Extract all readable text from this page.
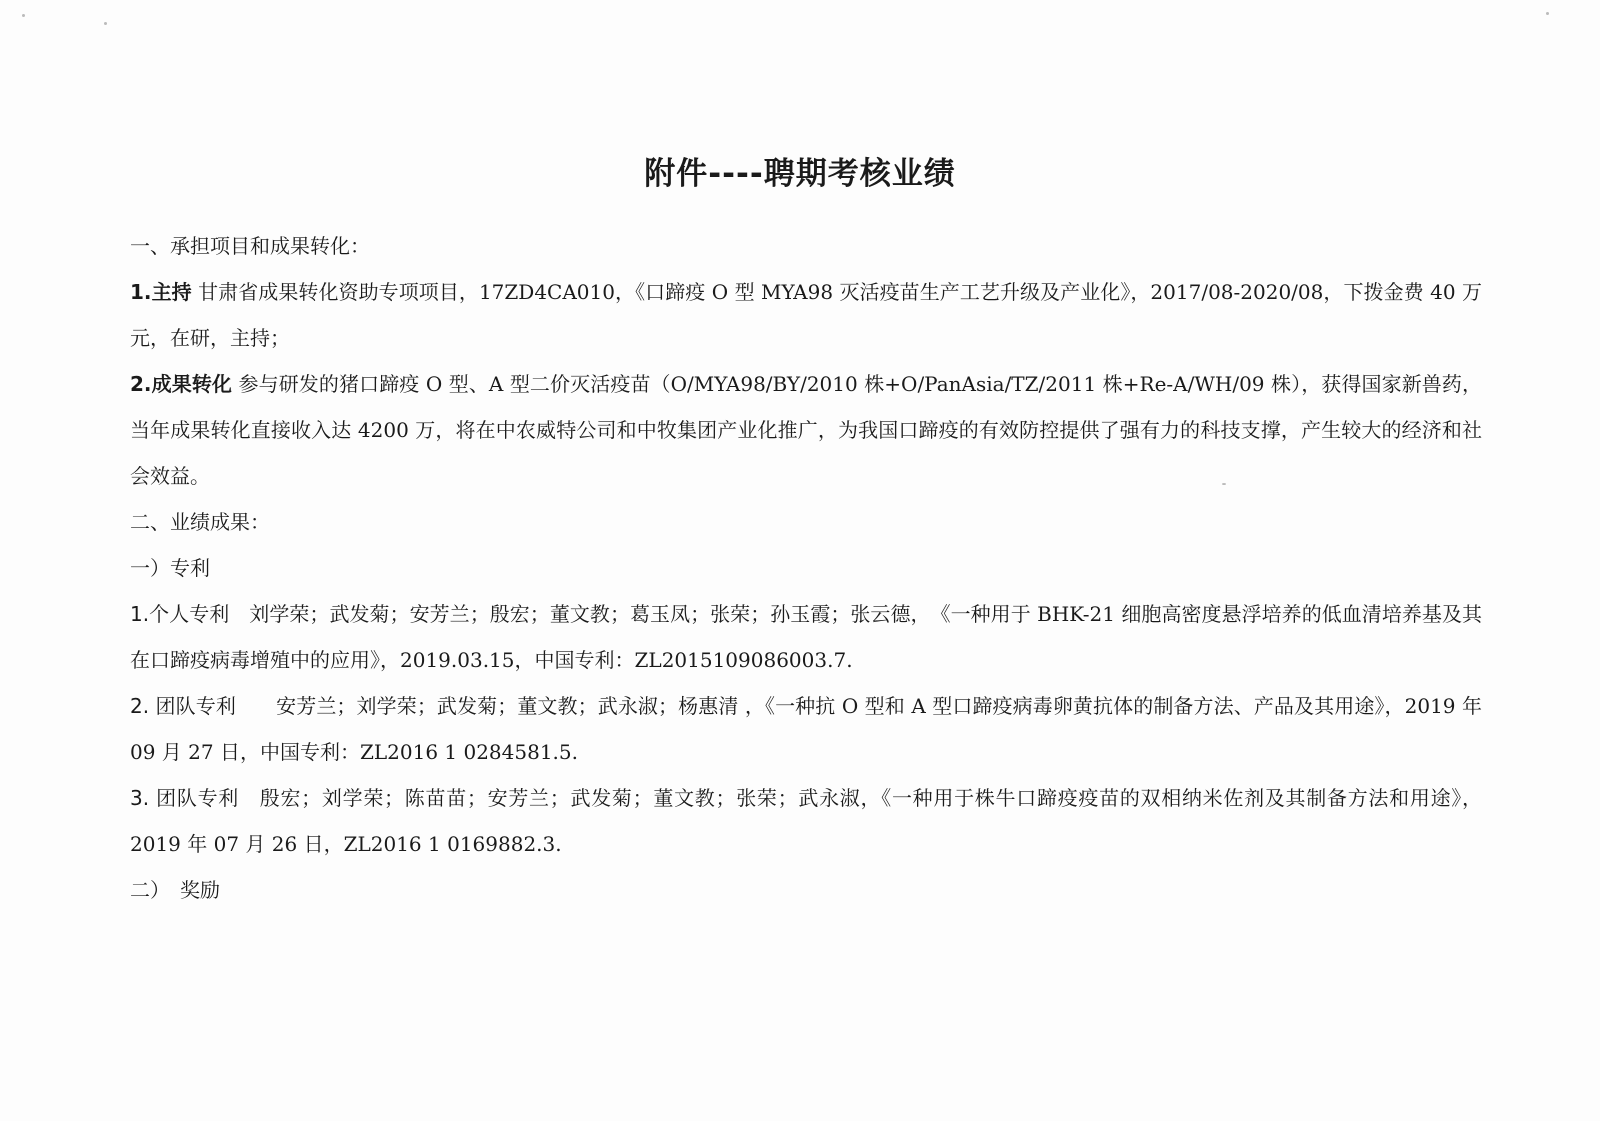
附件----聘期考核业绩

一、承担项目和成果转化：

1.主持 甘肃省成果转化资助专项项目，17ZD4CA010，《口蹄疫 O 型 MYA98 灭活疫苗生产工艺升级及产业化》，2017/08-2020/08，下拨金费 40 万元，在研，主持；

2.成果转化 参与研发的猪口蹄疫 O 型、A 型二价灭活疫苗（O/MYA98/BY/2010 株+O/PanAsia/TZ/2011 株+Re-A/WH/09 株），获得国家新兽药，当年成果转化直接收入达 4200 万，将在中农威特公司和中牧集团产业化推广，为我国口蹄疫的有效防控提供了强有力的科技支撑，产生较大的经济和社会效益。

二、业绩成果：

一）专利

1.个人专利　刘学荣；武发菊；安芳兰；殷宏；董文教；葛玉凤；张荣；孙玉霞；张云德，　《一种用于 BHK-21 细胞高密度悬浮培养的低血清培养基及其在口蹄疫病毒增殖中的应用》，2019.03.15，中国专利：ZL2015109086003.7.

2. 团队专利　　安芳兰；刘学荣；武发菊；董文教；武永淑；杨惠清 ，《一种抗 O 型和 A 型口蹄疫病毒卵黄抗体的制备方法、产品及其用途》，2019 年 09 月 27 日，中国专利：ZL2016 1 0284581.5.

3. 团队专利　殷宏；刘学荣；陈苗苗；安芳兰；武发菊；董文教；张荣；武永淑，《一种用于株牛口蹄疫疫苗的双相纳米佐剂及其制备方法和用途》，2019 年 07 月 26 日，ZL2016 1 0169882.3.

二）　奖励
